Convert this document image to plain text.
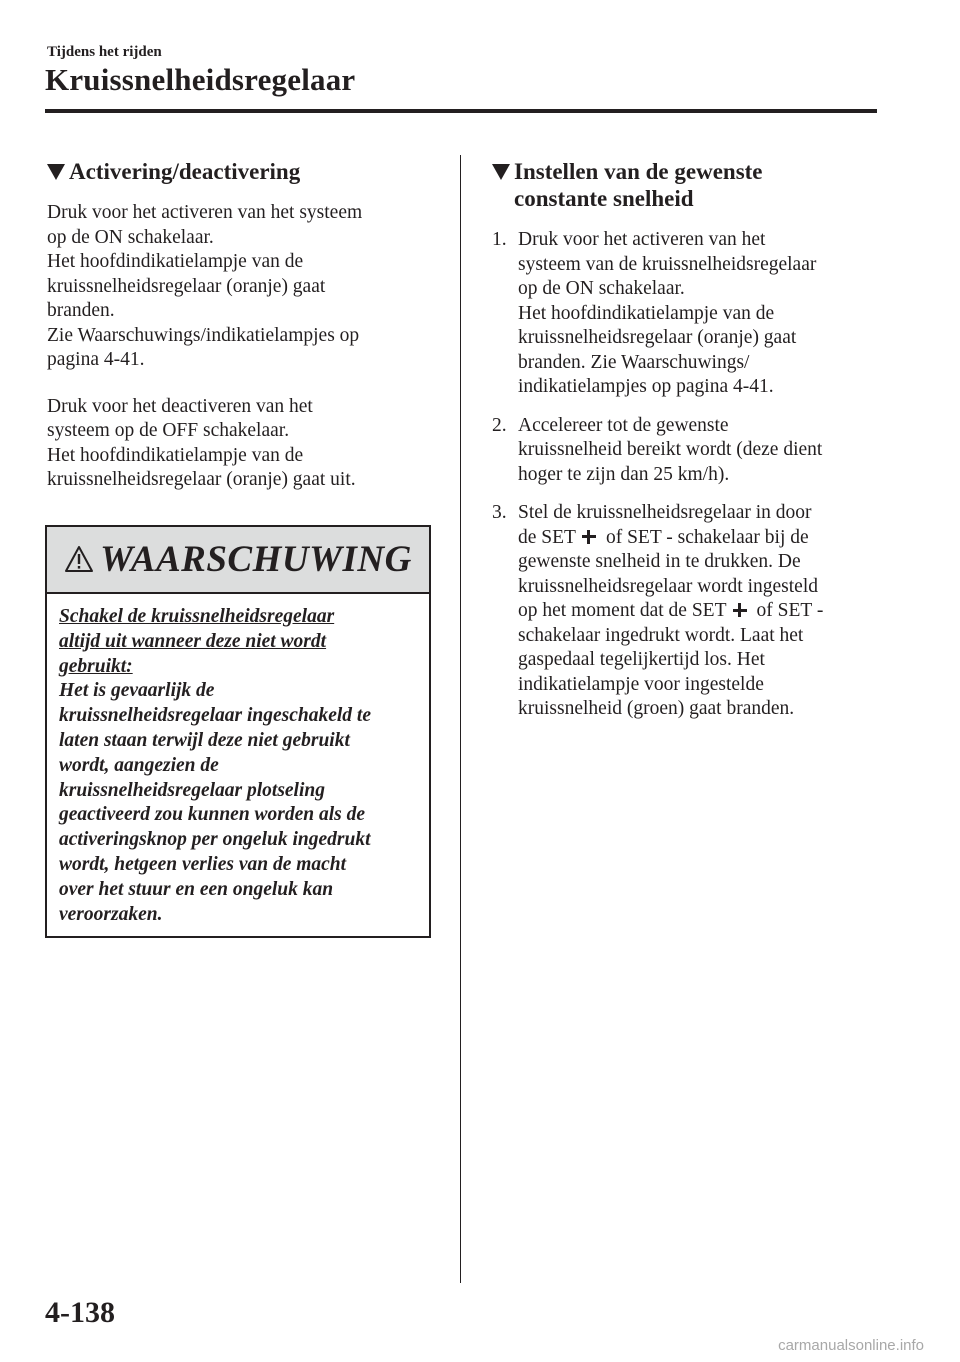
Tijdens het rijden
Kruissnelheidsregelaar
Activering/deactivering
Druk voor het activeren van het systeem
op de ON schakelaar.
Het hoofdindikatielampje van de
kruissnelheidsregelaar (oranje) gaat
branden.
Zie Waarschuwings/indikatielampjes op
pagina 4-41.
Druk voor het deactiveren van het
systeem op de OFF schakelaar.
Het hoofdindikatielampje van de
kruissnelheidsregelaar (oranje) gaat uit.
WAARSCHUWING
Schakel de kruissnelheidsregelaar
altijd uit wanneer deze niet wordt
gebruikt:
Het is gevaarlijk de
kruissnelheidsregelaar ingeschakeld te
laten staan terwijl deze niet gebruikt
wordt, aangezien de
kruissnelheidsregelaar plotseling
geactiveerd zou kunnen worden als de
activeringsknop per ongeluk ingedrukt
wordt, hetgeen verlies van de macht
over het stuur en een ongeluk kan
veroorzaken.
Instellen van de gewenste
constante snelheid
1. Druk voor het activeren van het
systeem van de kruissnelheidsregelaar
op de ON schakelaar.
Het hoofdindikatielampje van de
kruissnelheidsregelaar (oranje) gaat
branden. Zie Waarschuwings/
indikatielampjes op pagina 4-41.
2. Accelereer tot de gewenste
kruissnelheid bereikt wordt (deze dient
hoger te zijn dan 25 km/h).
3. Stel de kruissnelheidsregelaar in door
de SET of SET - schakelaar bij de
gewenste snelheid in te drukken. De
kruissnelheidsregelaar wordt ingesteld
op het moment dat de SET of SET -
schakelaar ingedrukt wordt. Laat het
gaspedaal tegelijkertijd los. Het
indikatielampje voor ingestelde
kruissnelheid (groen) gaat branden.
4-138
carmanualsonline.info
